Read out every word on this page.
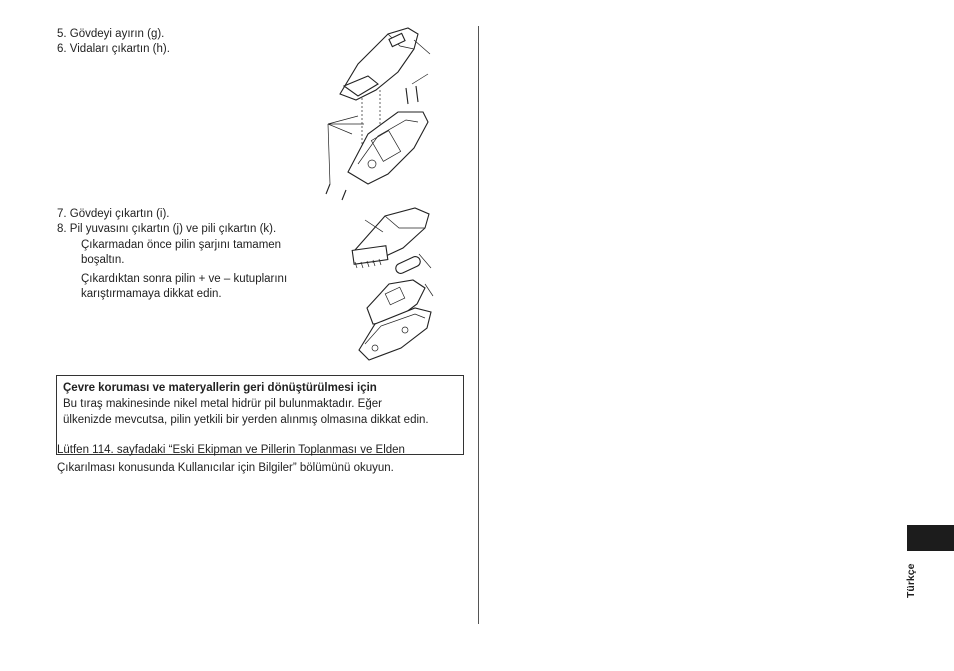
5. Gövdeyi ayırın (g).
6. Vidaları çıkartın (h).
7. Gövdeyi çıkartın (i).
8. Pil yuvasını çıkartın (j) ve pili çıkartın (k).
Çıkarmadan önce pilin şarjını tamamen
boşaltın.
Çıkardıktan sonra pilin + ve – kutuplarını
karıştırmamaya dikkat edin.
Çevre koruması ve materyallerin geri dönüştürülmesi için
Bu tıraş makinesinde nikel metal hidrür pil bulunmaktadır. Eğer
ülkenizde mevcutsa, pilin yetkili bir yerden alınmış olmasına dikkat edin.
Lütfen 114. sayfadaki “Eski Ekipman ve Pillerin Toplanması ve Elden
Çıkarılması konusunda Kullanıcılar için Bilgiler” bölümünü okuyun.
Türkçe
